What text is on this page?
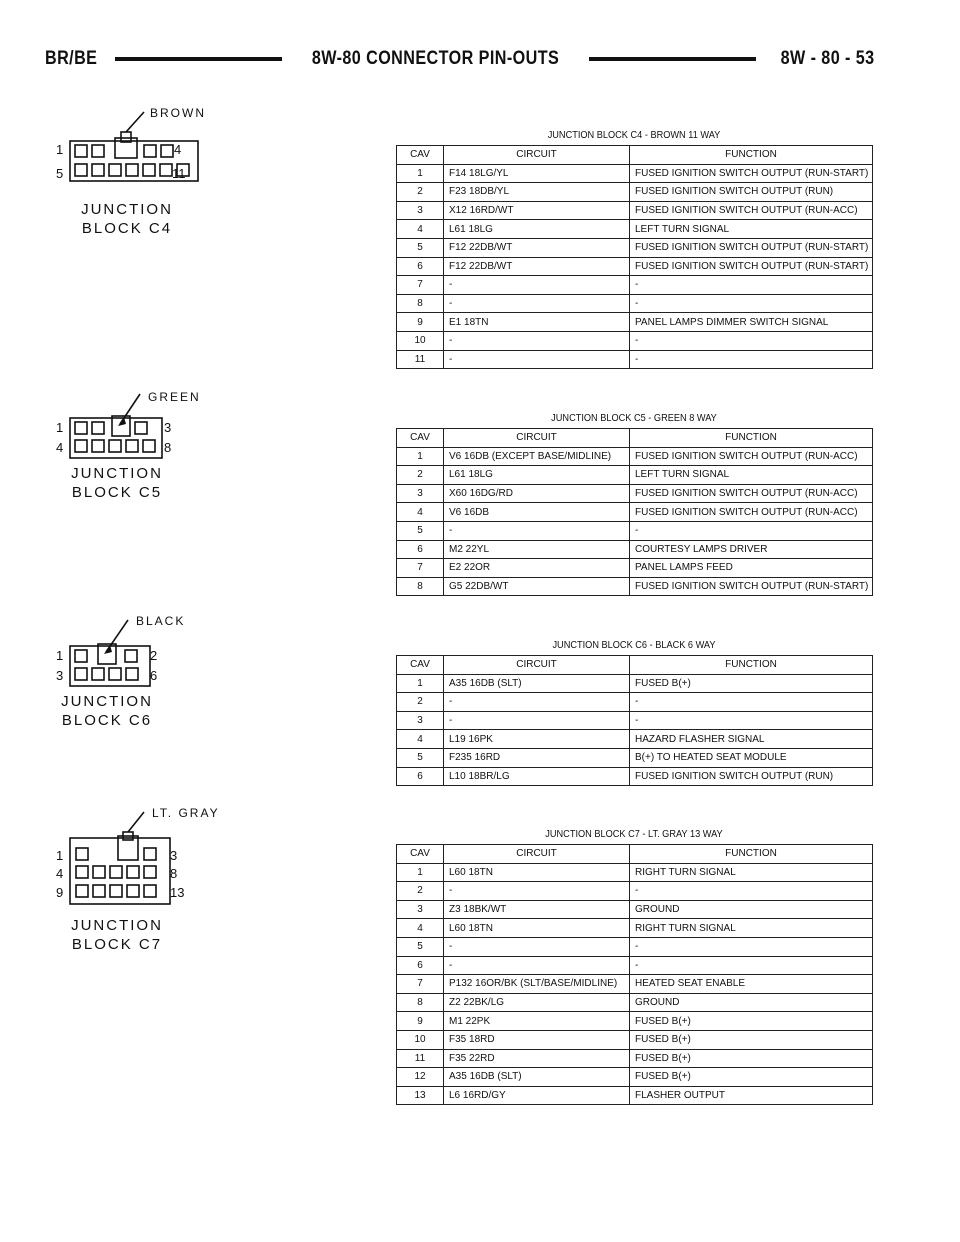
BR/BE	8W-80 CONNECTOR PIN-OUTS	8W - 80 - 53
BROWN
1	4
5	11
JUNCTION
BLOCK C4
JUNCTION BLOCK C4 - BROWN 11 WAY
CAV	CIRCUIT	FUNCTION
1	F14 18LG/YL	FUSED IGNITION SWITCH OUTPUT (RUN-START)
2	F23 18DB/YL	FUSED IGNITION SWITCH OUTPUT (RUN)
3	X12 16RD/WT	FUSED IGNITION SWITCH OUTPUT (RUN-ACC)
4	L61 18LG	LEFT TURN SIGNAL
5	F12 22DB/WT	FUSED IGNITION SWITCH OUTPUT (RUN-START)
6	F12 22DB/WT	FUSED IGNITION SWITCH OUTPUT (RUN-START)
7	-	-
8	-	-
9	E1 18TN	PANEL LAMPS DIMMER SWITCH SIGNAL
10	-	-
11	-	-
GREEN
1	3
4	8
JUNCTION
BLOCK C5
JUNCTION BLOCK C5 - GREEN 8 WAY
CAV	CIRCUIT	FUNCTION
1	V6 16DB (EXCEPT BASE/MIDLINE)	FUSED IGNITION SWITCH OUTPUT (RUN-ACC)
2	L61 18LG	LEFT TURN SIGNAL
3	X60 16DG/RD	FUSED IGNITION SWITCH OUTPUT (RUN-ACC)
4	V6 16DB	FUSED IGNITION SWITCH OUTPUT (RUN-ACC)
5	-	-
6	M2 22YL	COURTESY LAMPS DRIVER
7	E2 22OR	PANEL LAMPS FEED
8	G5 22DB/WT	FUSED IGNITION SWITCH OUTPUT (RUN-START)
BLACK
1	2
3	6
JUNCTION
BLOCK C6
JUNCTION BLOCK C6 - BLACK 6 WAY
CAV	CIRCUIT	FUNCTION
1	A35 16DB (SLT)	FUSED B(+)
2	-	-
3	-	-
4	L19 16PK	HAZARD FLASHER SIGNAL
5	F235 16RD	B(+) TO HEATED SEAT MODULE
6	L10 18BR/LG	FUSED IGNITION SWITCH OUTPUT (RUN)
LT. GRAY
1	3
4	8
9	13
JUNCTION
BLOCK C7
JUNCTION BLOCK C7 - LT. GRAY 13 WAY
CAV	CIRCUIT	FUNCTION
1	L60 18TN	RIGHT TURN SIGNAL
2	-	-
3	Z3 18BK/WT	GROUND
4	L60 18TN	RIGHT TURN SIGNAL
5	-	-
6	-	-
7	P132 16OR/BK (SLT/BASE/MIDLINE)	HEATED SEAT ENABLE
8	Z2 22BK/LG	GROUND
9	M1 22PK	FUSED B(+)
10	F35 18RD	FUSED B(+)
11	F35 22RD	FUSED B(+)
12	A35 16DB (SLT)	FUSED B(+)
13	L6 16RD/GY	FLASHER OUTPUT
